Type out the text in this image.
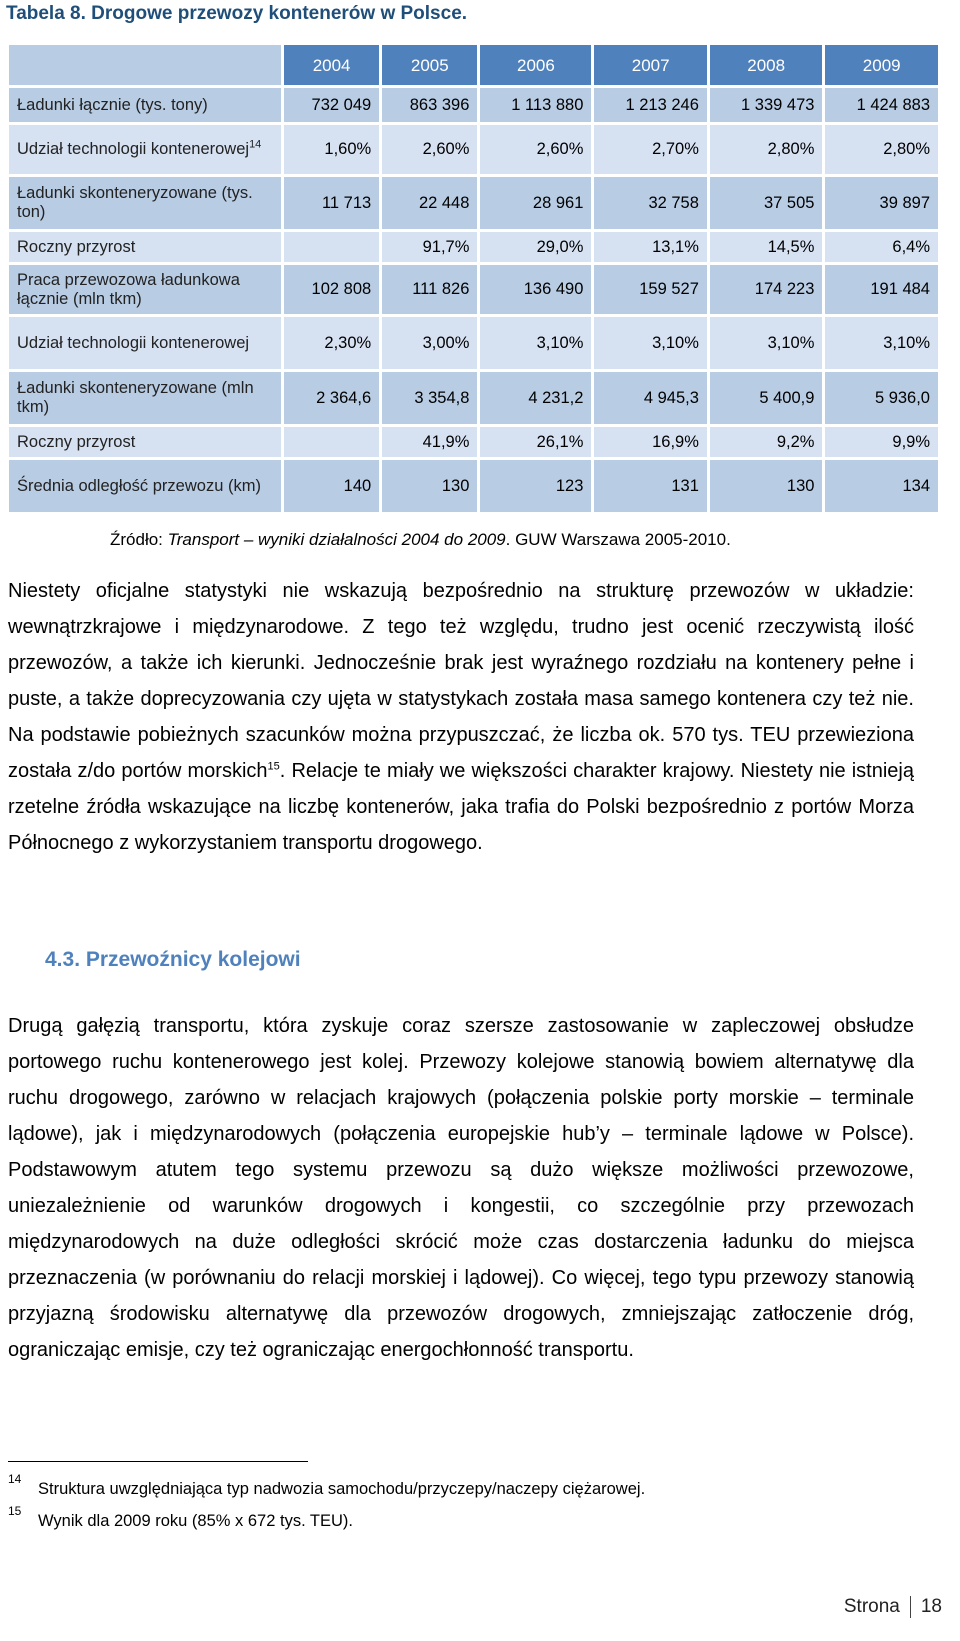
Tabela 8. Drogowe przewozy kontenerów w Polsce.
	2004	2005	2006	2007	2008	2009
Ładunki łącznie (tys. tony)	732 049	863 396	1 113 880	1 213 246	1 339 473	1 424 883
Udział technologii kontenerowej$^{14}$	1,60%	2,60%	2,60%	2,70%	2,80%	2,80%
Ładunki skonteneryzowane (tys. ton)	11 713	22 448	28 961	32 758	37 505	39 897
Roczny przyrost		91,7%	29,0%	13,1%	14,5%	6,4%
Praca przewozowa ładunkowa łącznie (mln tkm)	102 808	111 826	136 490	159 527	174 223	191 484
Udział technologii kontenerowej	2,30%	3,00%	3,10%	3,10%	3,10%	3,10%
Ładunki skonteneryzowane (mln tkm)	2 364,6	3 354,8	4 231,2	4 945,3	5 400,9	5 936,0
Roczny przyrost		41,9%	26,1%	16,9%	9,2%	9,9%
Średnia odległość przewozu (km)	140	130	123	131	130	134
Źródło: Transport – wyniki działalności 2004 do 2009. GUW Warszawa 2005-2010.
Niestety oficjalne statystyki nie wskazują bezpośrednio na strukturę przewozów w układzie: wewnątrzkrajowe i międzynarodowe. Z tego też względu, trudno jest ocenić rzeczywistą ilość przewozów, a także ich kierunki. Jednocześnie brak jest wyraźnego rozdziału na kontenery pełne i puste, a także doprecyzowania czy ujęta w statystykach została masa samego kontenera czy też nie. Na podstawie pobieżnych szacunków można przypuszczać, że liczba ok. 570 tys. TEU przewieziona została z/do portów morskich$^{15}$. Relacje te miały we większości charakter krajowy. Niestety nie istnieją rzetelne źródła wskazujące na liczbę kontenerów, jaka trafia do Polski bezpośrednio z portów Morza Północnego z wykorzystaniem transportu drogowego.
4.3. Przewoźnicy kolejowi
Drugą gałęzią transportu, która zyskuje coraz szersze zastosowanie w zapleczowej obsłudze portowego ruchu kontenerowego jest kolej. Przewozy kolejowe stanowią bowiem alternatywę dla ruchu drogowego, zarówno w relacjach krajowych (połączenia polskie porty morskie – terminale lądowe), jak i międzynarodowych (połączenia europejskie hub’y – terminale lądowe w Polsce). Podstawowym atutem tego systemu przewozu są dużo większe możliwości przewozowe, uniezależnienie od warunków drogowych i kongestii, co szczególnie przy przewozach międzynarodowych na duże odległości skrócić może czas dostarczenia ładunku do miejsca przeznaczenia (w porównaniu do relacji morskiej i lądowej). Co więcej, tego typu przewozy stanowią przyjazną środowisku alternatywę dla przewozów drogowych, zmniejszając zatłoczenie dróg, ograniczając emisje, czy też ograniczając energochłonność transportu.
14
Struktura uwzględniająca typ nadwozia samochodu/przyczepy/naczepy ciężarowej.
15
Wynik dla 2009 roku (85% x 672 tys. TEU).
Strona 18
